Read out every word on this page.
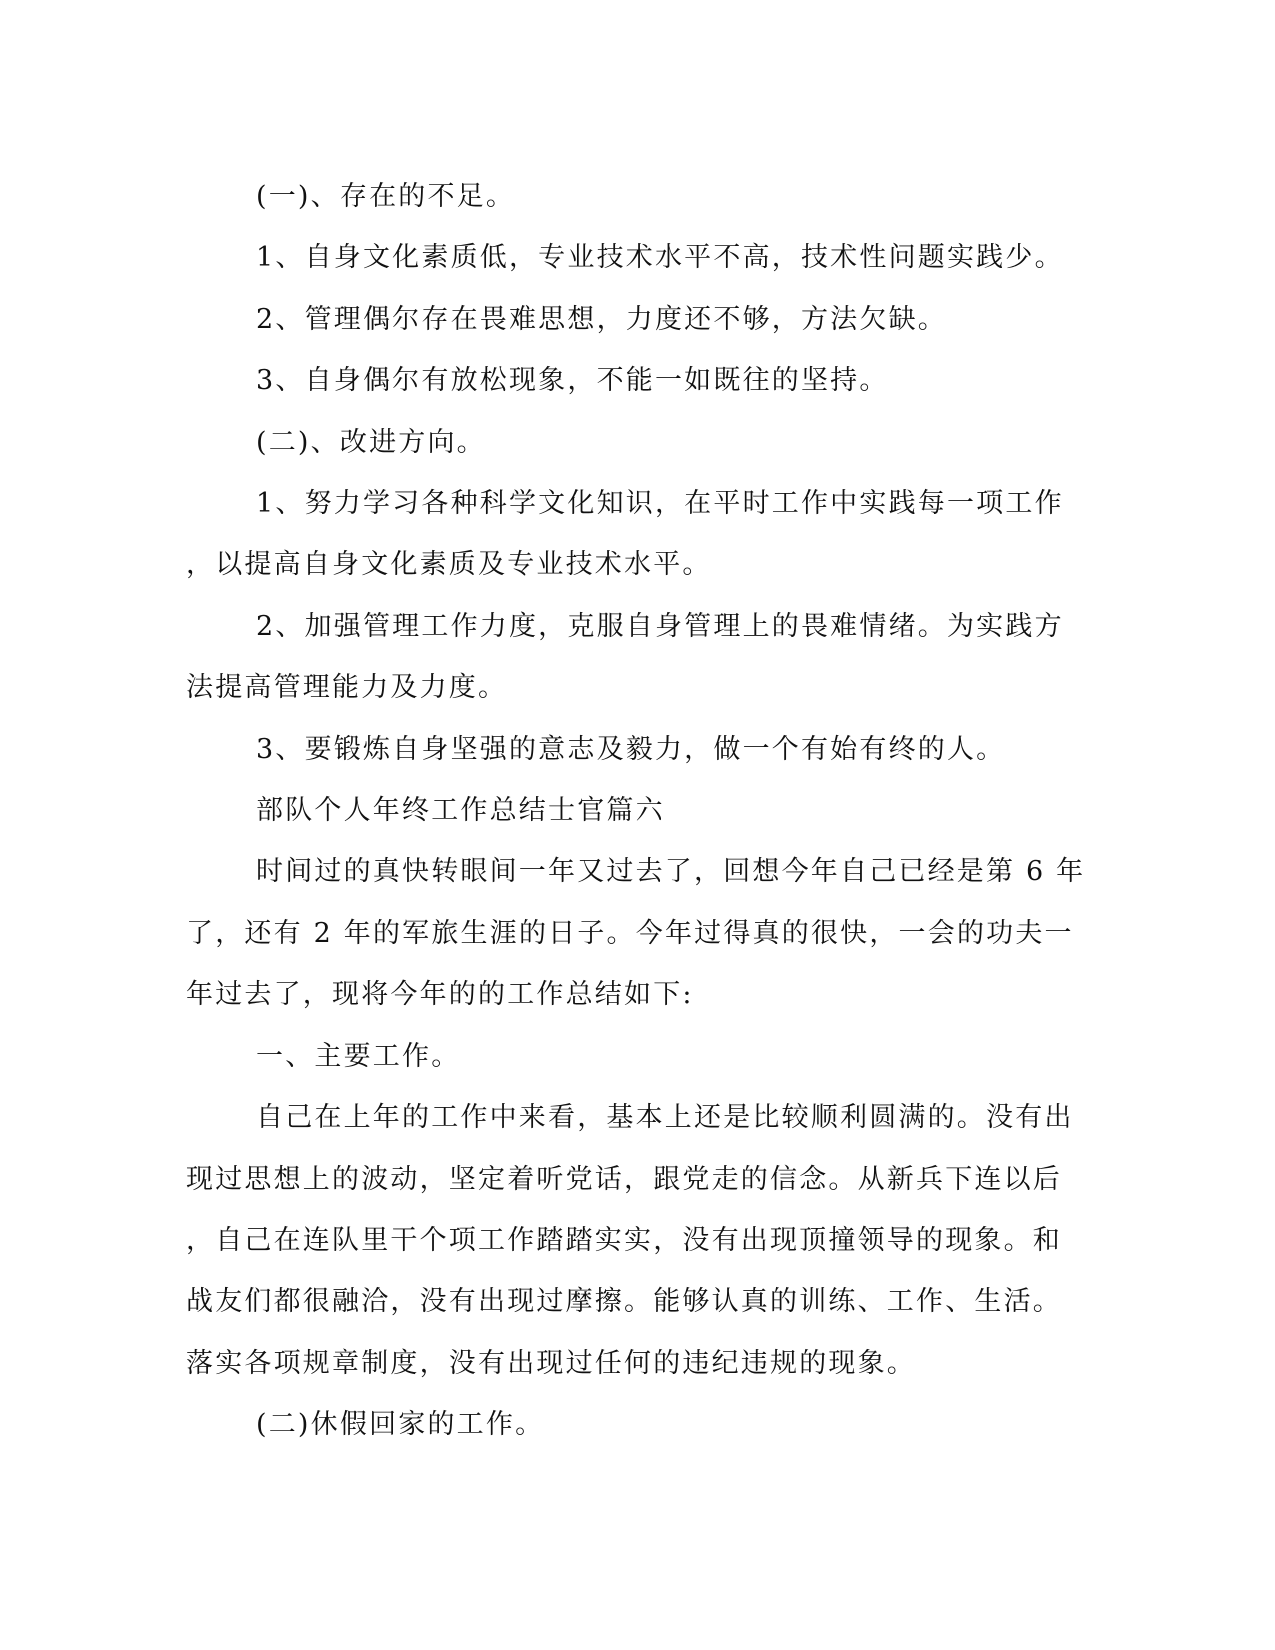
(一)、存在的不足。

1、自身文化素质低，专业技术水平不高，技术性问题实践少。

2、管理偶尔存在畏难思想，力度还不够，方法欠缺。

3、自身偶尔有放松现象，不能一如既往的坚持。

(二)、改进方向。

1、努力学习各种科学文化知识，在平时工作中实践每一项工作
，以提高自身文化素质及专业技术水平。

2、加强管理工作力度，克服自身管理上的畏难情绪。为实践方
法提高管理能力及力度。

3、要锻炼自身坚强的意志及毅力，做一个有始有终的人。

部队个人年终工作总结士官篇六

时间过的真快转眼间一年又过去了，回想今年自己已经是第 6 年
了，还有 2 年的军旅生涯的日子。今年过得真的很快，一会的功夫一
年过去了，现将今年的的工作总结如下:

一、主要工作。

自己在上年的工作中来看，基本上还是比较顺利圆满的。没有出
现过思想上的波动，坚定着听党话，跟党走的信念。从新兵下连以后
，自己在连队里干个项工作踏踏实实，没有出现顶撞领导的现象。和
战友们都很融洽，没有出现过摩擦。能够认真的训练、工作、生活。
落实各项规章制度，没有出现过任何的违纪违规的现象。

(二)休假回家的工作。
